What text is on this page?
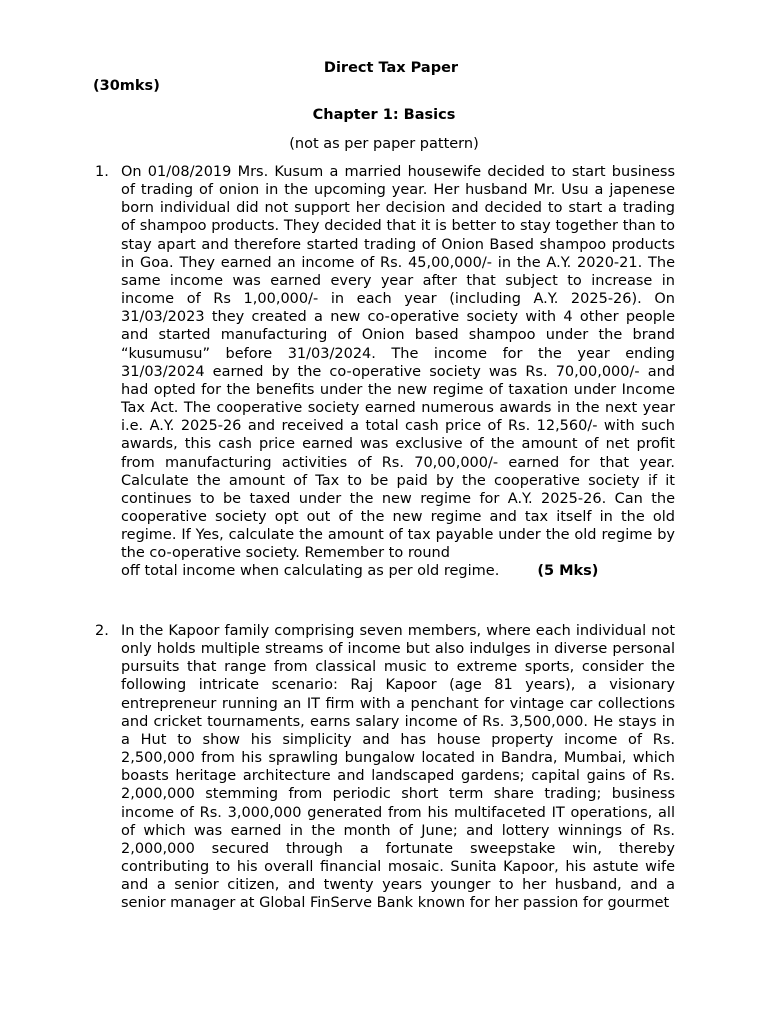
Direct Tax Paper
(30mks)
Chapter 1: Basics
(not as per paper pattern)
1. On 01/08/2019 Mrs. Kusum a married housewife decided to start business of trading of onion in the upcoming year. Her husband Mr. Usu a japenese born individual did not support her decision and decided to start a trading of shampoo products. They decided that it is better to stay together than to stay apart and therefore started trading of Onion Based shampoo products in Goa. They earned an income of Rs. 45,00,000/- in the A.Y. 2020-21. The same income was earned every year after that subject to increase in income of Rs 1,00,000/- in each year (including A.Y. 2025-26). On 31/03/2023 they created a new co-operative society with 4 other people and started manufacturing of Onion based shampoo under the brand “kusumusu” before 31/03/2024. The income for the year ending 31/03/2024 earned by the co-operative society was Rs. 70,00,000/- and had opted for the benefits under the new regime of taxation under Income Tax Act. The cooperative society earned numerous awards in the next year i.e. A.Y. 2025-26 and received a total cash price of Rs. 12,560/- with such awards, this cash price earned was exclusive of the amount of net profit from manufacturing activities of Rs. 70,00,000/- earned for that year. Calculate the amount of Tax to be paid by the cooperative society if it continues to be taxed under the new regime for A.Y. 2025-26. Can the cooperative society opt out of the new regime and tax itself in the old regime. If Yes, calculate the amount of tax payable under the old regime by the co-operative society. Remember to round
off total income when calculating as per old regime.	(5 Mks)
2. In the Kapoor family comprising seven members, where each individual not only holds multiple streams of income but also indulges in diverse personal pursuits that range from classical music to extreme sports, consider the following intricate scenario: Raj Kapoor (age 81 years), a visionary entrepreneur running an IT firm with a penchant for vintage car collections and cricket tournaments, earns salary income of Rs. 3,500,000. He stays in a Hut to show his simplicity and has house property income of Rs. 2,500,000 from his sprawling bungalow located in Bandra, Mumbai, which boasts heritage architecture and landscaped gardens; capital gains of Rs. 2,000,000 stemming from periodic short term share trading; business income of Rs. 3,000,000 generated from his multifaceted IT operations, all of which was earned in the month of June; and lottery winnings of Rs. 2,000,000 secured through a fortunate sweepstake win, thereby contributing to his overall financial mosaic. Sunita Kapoor, his astute wife and a senior citizen, and twenty years younger to her husband, and a senior manager at Global FinServe Bank known for her passion for gourmet
